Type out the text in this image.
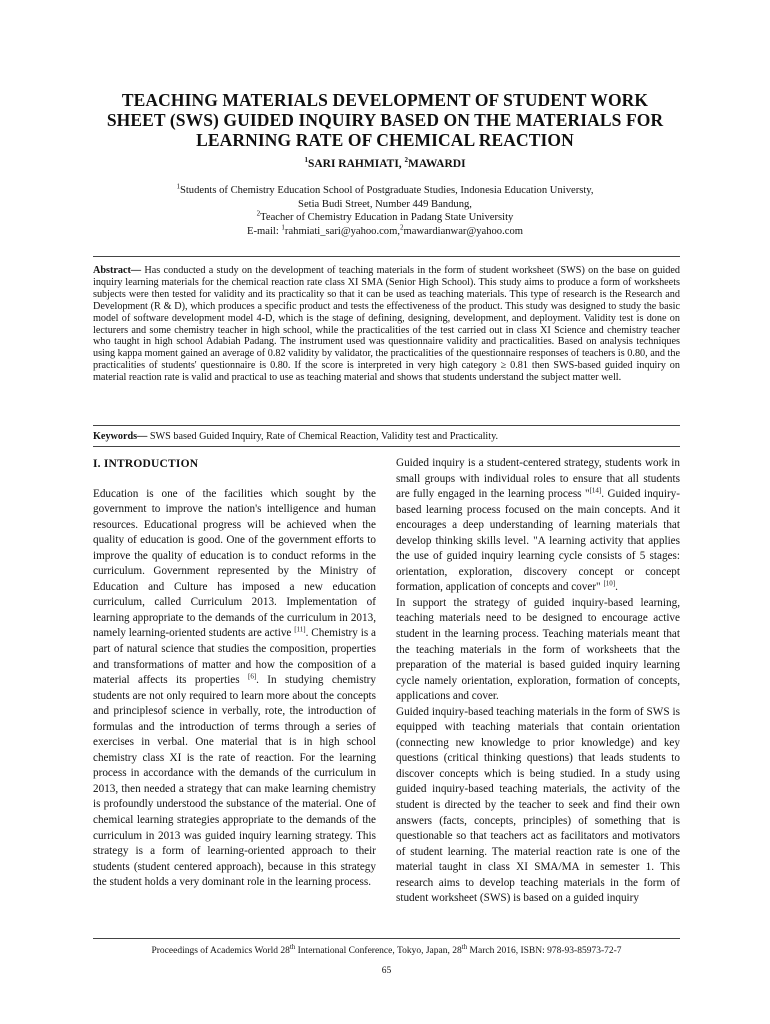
TEACHING MATERIALS DEVELOPMENT OF STUDENT WORK
SHEET (SWS) GUIDED INQUIRY BASED ON THE MATERIALS FOR
LEARNING RATE OF CHEMICAL REACTION
$^1$SARI RAHMIATI, $^2$MAWARDI
$^1$Students of Chemistry Education School of Postgraduate Studies, Indonesia Education Universty,
Setia Budi Street, Number 449 Bandung,
$^2$Teacher of Chemistry Education in Padang State University
E-mail: $^1$rahmiati_sari@yahoo.com,$^2$mawardianwar@yahoo.com
Abstract— Has conducted a study on the development of teaching materials in the form of student worksheet (SWS) on the base on guided inquiry learning materials for the chemical reaction rate class XI SMA (Senior High School). This study aims to produce a form of worksheets subjects were then tested for validity and its practicality so that it can be used as teaching materials. This type of research is the Research and Development (R & D), which produces a specific product and tests the effectiveness of the product. This study was designed to study the basic model of software development model 4-D, which is the stage of defining, designing, development, and deployment. Validity test is done on lecturers and some chemistry teacher in high school, while the practicalities of the test carried out in class XI Science and chemistry teacher who taught in high school Adabiah Padang. The instrument used was questionnaire validity and practicalities. Based on analysis techniques using kappa moment gained an average of 0.82 validity by validator, the practicalities of the questionnaire responses of teachers is 0.80, and the practicalities of students' questionnaire is 0.80. If the score is interpreted in very high category ≥ 0.81 then SWS-based guided inquiry on material reaction rate is valid and practical to use as teaching material and shows that students understand the subject matter well.
Keywords— SWS based Guided Inquiry, Rate of Chemical Reaction, Validity test and Practicality.
I. INTRODUCTION

Education is one of the facilities which sought by the government to improve the nation's intelligence and human resources. Educational progress will be achieved when the quality of education is good. One of the government efforts to improve the quality of education is to conduct reforms in the curriculum. Government represented by the Ministry of Education and Culture has imposed a new education curriculum, called Curriculum 2013. Implementation of learning appropriate to the demands of the curriculum in 2013, namely learning-oriented students are active [11]. Chemistry is a part of natural science that studies the composition, properties and transformations of matter and how the composition of a material affects its properties [6]. In studying chemistry students are not only required to learn more about the concepts and principlesof science in verbally, rote, the introduction of formulas and the introduction of terms through a series of exercises in verbal. One material that is in high school chemistry class XI is the rate of reaction. For the learning process in accordance with the demands of the curriculum in 2013, then needed a strategy that can make learning chemistry is profoundly understood the substance of the material. One of chemical learning strategies appropriate to the demands of the curriculum in 2013 was guided inquiry learning strategy. This strategy is a form of learning-oriented approach to their students (student centered approach), because in this strategy the student holds a very dominant role in the learning process.

Guided inquiry is a student-centered strategy, students work in small groups with individual roles to ensure that all students are fully engaged in the learning process "[14]. Guided inquiry-based learning process focused on the main concepts. And it encourages a deep understanding of learning materials that develop thinking skills level. "A learning activity that applies the use of guided inquiry learning cycle consists of 5 stages: orientation, exploration, discovery concept or concept formation, application of concepts and cover" [10].

In support the strategy of guided inquiry-based learning, teaching materials need to be designed to encourage active student in the learning process. Teaching materials meant that the teaching materials in the form of worksheets that the preparation of the material is based guided inquiry learning cycle namely orientation, exploration, formation of concepts, applications and cover.

Guided inquiry-based teaching materials in the form of SWS is equipped with teaching materials that contain orientation (connecting new knowledge to prior knowledge) and key questions (critical thinking questions) that leads students to discover concepts which is being studied. In a study using guided inquiry-based teaching materials, the activity of the student is directed by the teacher to seek and find their own answers (facts, concepts, principles) of something that is questionable so that teachers act as facilitators and motivators of student learning. The material reaction rate is one of the material taught in class XI SMA/MA in semester 1. This research aims to develop teaching materials in the form of student worksheet (SWS) is based on a guided inquiry

Proceedings of Academics World 28th International Conference, Tokyo, Japan, 28th March 2016, ISBN: 978-93-85973-72-7
65
